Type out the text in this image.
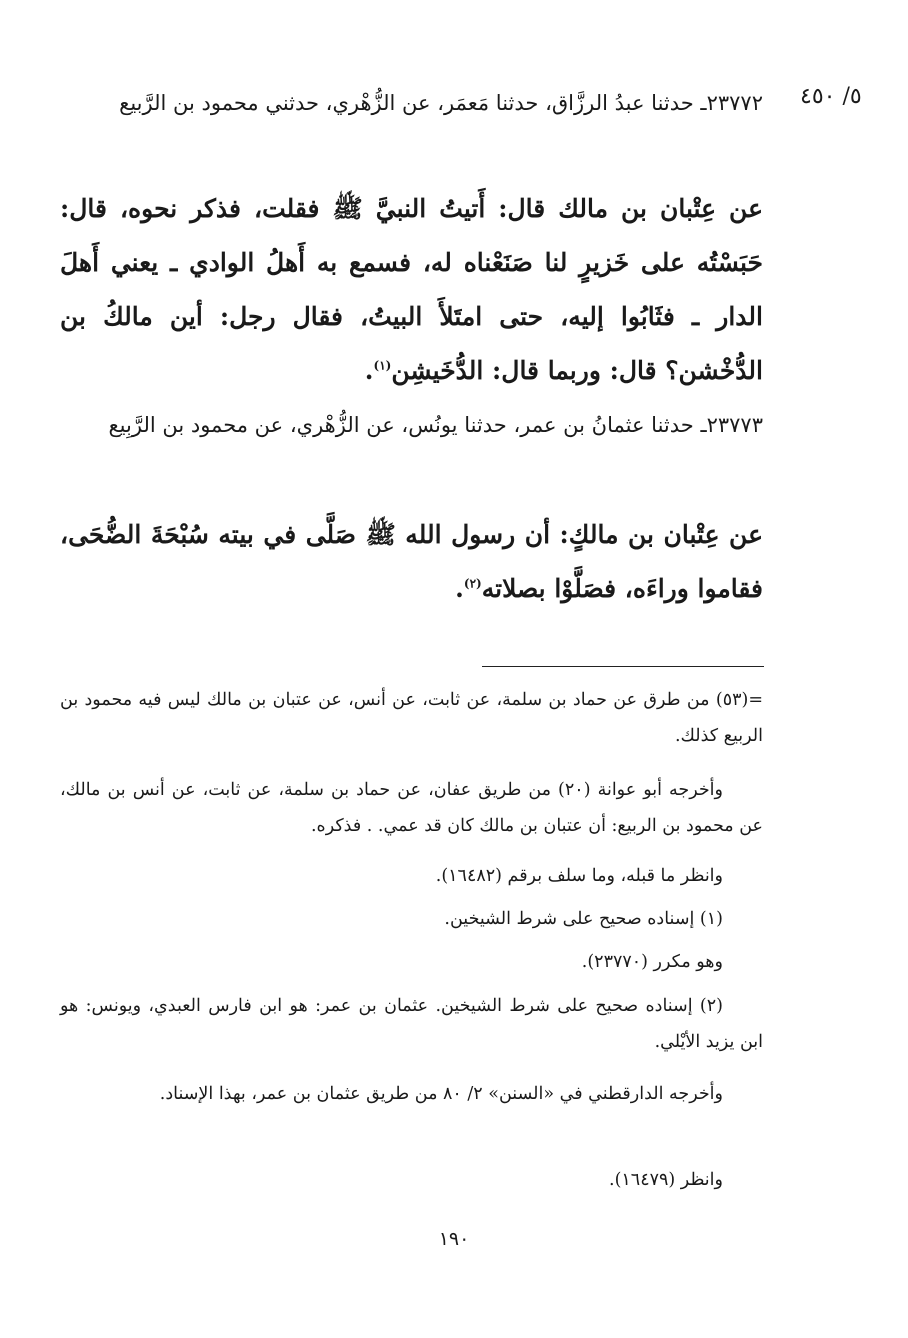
٥/ ٤٥٠
٢٣٧٧٢ـ حدثنا عبدُ الرزَّاق، حدثنا مَعمَر، عن الزُّهْري، حدثني محمود بن الرَّبيع
عن عِتْبان بن مالك قال: أَتيتُ النبيَّ ﷺ فقلت، فذكر نحوه، قال: حَبَسْتُه على خَزيرٍ لنا صَنَعْناه له، فسمع به أَهلُ الوادي ـ يعني أَهلَ الدار ـ فثَابُوا إليه، حتى امتَلأَ البيتُ، فقال رجل: أين مالكُ بن الدُّخْشن؟ قال: وربما قال: الدُّخَيشِن$^{(١)}$.
٢٣٧٧٣ـ حدثنا عثمانُ بن عمر، حدثنا يونُس، عن الزُّهْري، عن محمود بن الرَّبِيع
عن عِتْبان بن مالكٍ: أن رسول الله ﷺ صَلَّى في بيته سُبْحَةَ الضُّحَى، فقاموا وراءَه، فصَلَّوْا بصلاته$^{(٢)}$.
=(٥٣) من طرق عن حماد بن سلمة، عن ثابت، عن أنس، عن عتبان بن مالك ليس فيه محمود بن الربيع كذلك.
وأخرجه أبو عوانة (٢٠) من طريق عفان، عن حماد بن سلمة، عن ثابت، عن أنس بن مالك، عن محمود بن الربيع: أن عتبان بن مالك كان قد عمي. . فذكره.
وانظر ما قبله، وما سلف برقم (١٦٤٨٢).
(١) إسناده صحيح على شرط الشيخين.
وهو مكرر (٢٣٧٧٠).
(٢) إسناده صحيح على شرط الشيخين. عثمان بن عمر: هو ابن فارس العبدي، ويونس: هو ابن يزيد الأيْلي.
وأخرجه الدارقطني في «السنن» ٢/ ٨٠ من طريق عثمان بن عمر، بهذا الإسناد.
وانظر (١٦٤٧٩).
١٩٠
